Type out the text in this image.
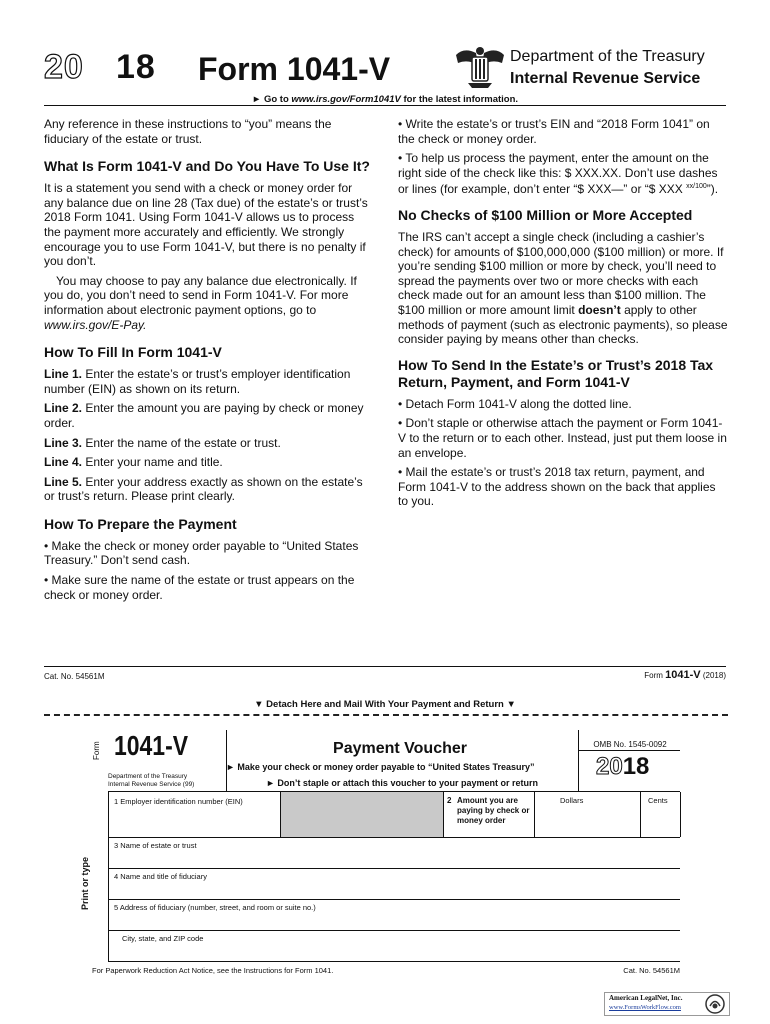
20 18 Form 1041-V	Department of the Treasury
Internal Revenue Service
► Go to www.irs.gov/Form1041V for the latest information.

Any reference in these instructions to “you” means the fiduciary of the estate or trust.

What Is Form 1041-V and Do You Have To Use It?

It is a statement you send with a check or money order for any balance due on line 28 (Tax due) of the estate’s or trust’s 2018 Form 1041. Using Form 1041-V allows us to process the payment more accurately and efficiently. We strongly encourage you to use Form 1041-V, but there is no penalty if you don’t.

You may choose to pay any balance due electronically. If you do, you don’t need to send in Form 1041-V. For more information about electronic payment options, go to www.irs.gov/E-Pay.

How To Fill In Form 1041-V

Line 1. Enter the estate’s or trust’s employer identification number (EIN) as shown on its return.

Line 2. Enter the amount you are paying by check or money order.

Line 3. Enter the name of the estate or trust.

Line 4. Enter your name and title.

Line 5. Enter your address exactly as shown on the estate’s or trust’s return. Please print clearly.

How To Prepare the Payment

• Make the check or money order payable to “United States Treasury.” Don’t send cash.

• Make sure the name of the estate or trust appears on the check or money order.

• Write the estate’s or trust’s EIN and “2018 Form 1041” on the check or money order.

• To help us process the payment, enter the amount on the right side of the check like this: $ XXX.XX. Don’t use dashes or lines (for example, don’t enter “$ XXX—” or “$ XXX $^{xx/100}$”).

No Checks of $100 Million or More Accepted

The IRS can’t accept a single check (including a cashier’s check) for amounts of $100,000,000 ($100 million) or more. If you’re sending $100 million or more by check, you’ll need to spread the payments over two or more checks with each check made out for an amount less than $100 million. The $100 million or more amount limit doesn’t apply to other methods of payment (such as electronic payments), so please consider paying by means other than checks.

How To Send In the Estate’s or Trust’s 2018 Tax Return, Payment, and Form 1041-V

• Detach Form 1041-V along the dotted line.

• Don’t staple or otherwise attach the payment or Form 1041-V to the return or to each other. Instead, just put them loose in an envelope.

• Mail the estate’s or trust’s 2018 tax return, payment, and Form 1041-V to the address shown on the back that applies to you.

Cat. No. 54561M	Form 1041-V (2018)
▼ Detach Here and Mail With Your Payment and Return ▼
Form 1041-V
Department of the Treasury
Internal Revenue Service (99)
Payment Voucher
► Make your check or money order payable to “United States Treasury”
► Don’t staple or attach this voucher to your payment or return
OMB No. 1545-0092
2018
1 Employer identification number (EIN)	2 Amount you are paying by check or money order
Dollars	Cents
3 Name of estate or trust
4 Name and title of fiduciary
5 Address of fiduciary (number, street, and room or suite no.)
City, state, and ZIP code
Print or type
For Paperwork Reduction Act Notice, see the Instructions for Form 1041.	Cat. No. 54561M
American LegalNet, Inc.
www.FormsWorkFlow.com
